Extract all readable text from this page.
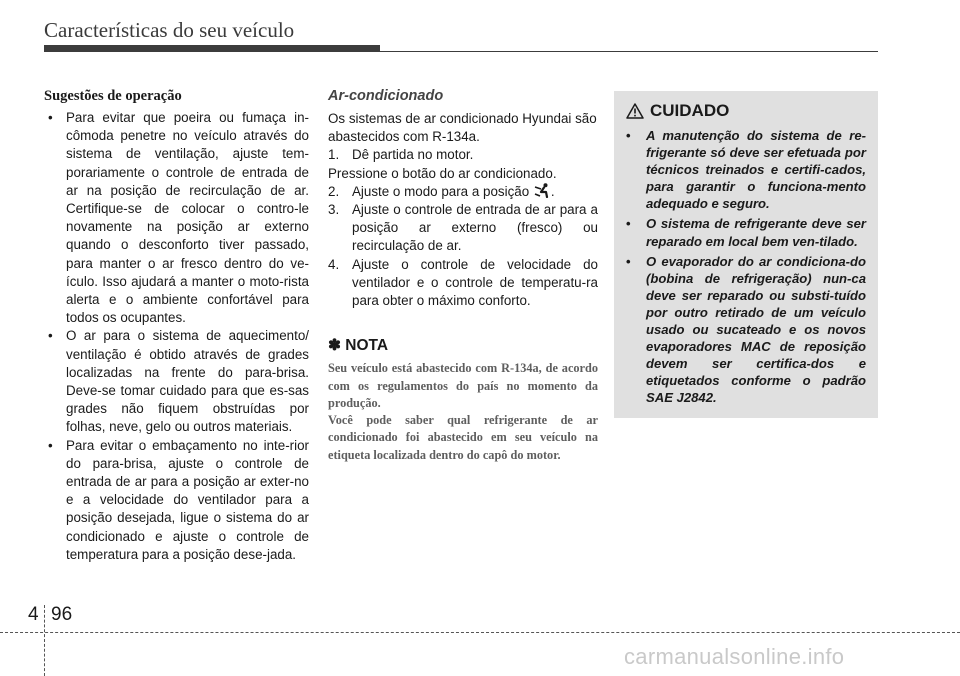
Características do seu veículo
Sugestões de operação
• Para evitar que poeira ou fumaça in-cômoda penetre no veículo através do sistema de ventilação, ajuste tem-porariamente o controle de entrada de ar na posição de recirculação de ar. Certifique-se de colocar o contro-le novamente na posição ar externo quando o desconforto tiver passado, para manter o ar fresco dentro do ve-ículo. Isso ajudará a manter o moto-rista alerta e o ambiente confortável para todos os ocupantes.
• O ar para o sistema de aquecimento/ ventilação é obtido através de grades localizadas na frente do para-brisa. Deve-se tomar cuidado para que es-sas grades não fiquem obstruídas por folhas, neve, gelo ou outros materiais.
• Para evitar o embaçamento no inte-rior do para-brisa, ajuste o controle de entrada de ar para a posição ar exter-no e a velocidade do ventilador para a posição desejada, ligue o sistema do ar condicionado e ajuste o controle de temperatura para a posição dese-jada.
Ar-condicionado

Os sistemas de ar condicionado Hyundai são abastecidos com R-134a.

1. Dê partida no motor.

Pressione o botão do ar condicionado.

2. Ajuste o modo para a posição .
3. Ajuste o controle de entrada de ar para a posição ar externo (fresco) ou recirculação de ar.
4. Ajuste o controle de velocidade do ventilador e o controle de temperatu-ra para obter o máximo conforto.
✽ NOTA

Seu veículo está abastecido com R-134a, de acordo com os regulamentos do país no momento da produção.

Você pode saber qual refrigerante de ar condicionado foi abastecido em seu veículo na etiqueta localizada dentro do capô do motor.

CUIDADO
• A manutenção do sistema de re-frigerante só deve ser efetuada por técnicos treinados e certifi-cados, para garantir o funciona-mento adequado e seguro.
• O sistema de refrigerante deve ser reparado em local bem ven-tilado.
• O evaporador do ar condiciona-do (bobina de refrigeração) nun-ca deve ser reparado ou substi-tuído por outro retirado de um veículo usado ou sucateado e os novos evaporadores MAC de reposição devem ser certifica-dos e etiquetados conforme o padrão SAE J2842.
4 96
carmanualsonline.info
